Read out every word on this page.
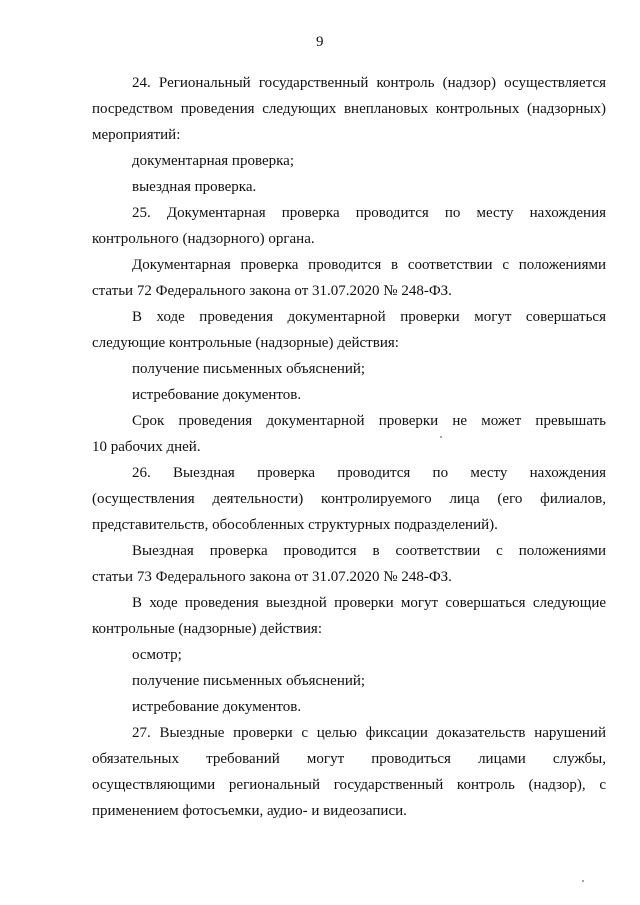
9
24. Региональный государственный контроль (надзор) осуществляется
посредством проведения следующих внеплановых контрольных (надзорных)
мероприятий:
документарная проверка;
выездная проверка.
25. Документарная проверка проводится по месту нахождения
контрольного (надзорного) органа.
Документарная проверка проводится в соответствии с положениями
статьи 72 Федерального закона от 31.07.2020 № 248-ФЗ.
В ходе проведения документарной проверки могут совершаться
следующие контрольные (надзорные) действия:
получение письменных объяснений;
истребование документов.
Срок проведения документарной проверки не может превышать
10 рабочих дней.
26. Выездная проверка проводится по месту нахождения
(осуществления деятельности) контролируемого лица (его филиалов,
представительств, обособленных структурных подразделений).
Выездная проверка проводится в соответствии с положениями
статьи 73 Федерального закона от 31.07.2020 № 248-ФЗ.
В ходе проведения выездной проверки могут совершаться следующие
контрольные (надзорные) действия:
осмотр;
получение письменных объяснений;
истребование документов.
27. Выездные проверки с целью фиксации доказательств нарушений
обязательных требований могут проводиться лицами службы,
осуществляющими региональный государственный контроль (надзор), с
применением фотосъемки, аудио- и видеозаписи.
